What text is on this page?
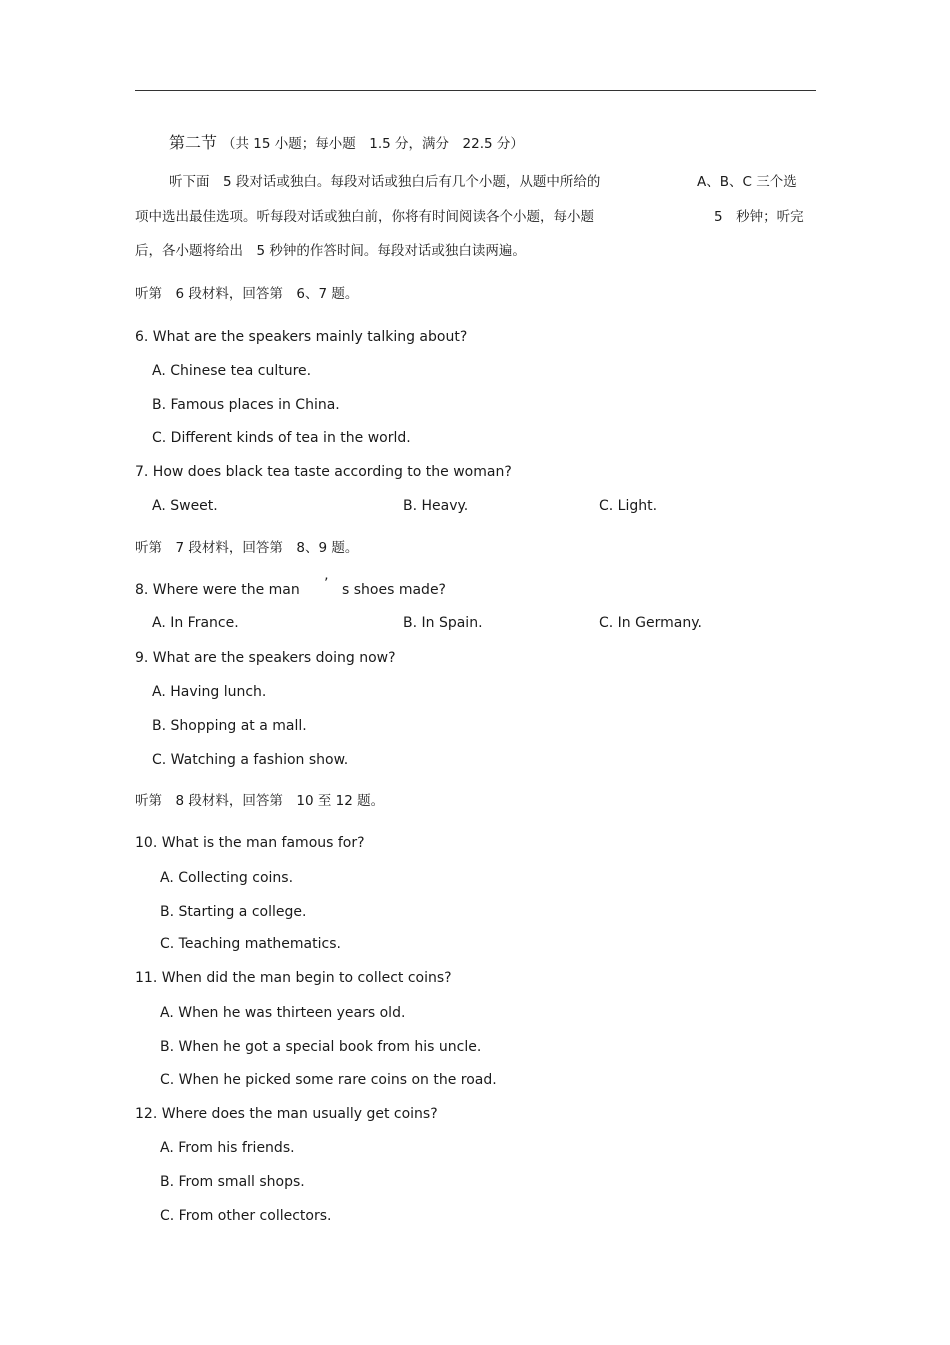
第二节 （共 15 小题；每小题　1.5 分，满分　22.5 分）
听下面　5 段对话或独白。每段对话或独白后有几个小题，从题中所给的	A、B、C 三个选
项中选出最佳选项。听每段对话或独白前，你将有时间阅读各个小题，每小题	5　秒钟；听完
后，各小题将给出　5 秒钟的作答时间。每段对话或独白读两遍。
听第　6 段材料，回答第　6、7 题。
6. What are the speakers mainly talking about?
A. Chinese tea culture.
B. Famous places in China.
C. Different kinds of tea in the world.
7. How does black tea taste according to the woman?
A. Sweet.	B. Heavy.	C. Light.
听第　7 段材料，回答第　8、9 题。
8. Where were the man ’ s shoes made?
A. In France.	B. In Spain.	C. In Germany.
9. What are the speakers doing now?
A. Having lunch.
B. Shopping at a mall.
C. Watching a fashion show.
听第　8 段材料，回答第　10 至 12 题。
10. What is the man famous for?
A. Collecting coins.
B. Starting a college.
C. Teaching mathematics.
11. When did the man begin to collect coins?
A. When he was thirteen years old.
B. When he got a special book from his uncle.
C. When he picked some rare coins on the road.
12. Where does the man usually get coins?
A. From his friends.
B. From small shops.
C. From other collectors.
